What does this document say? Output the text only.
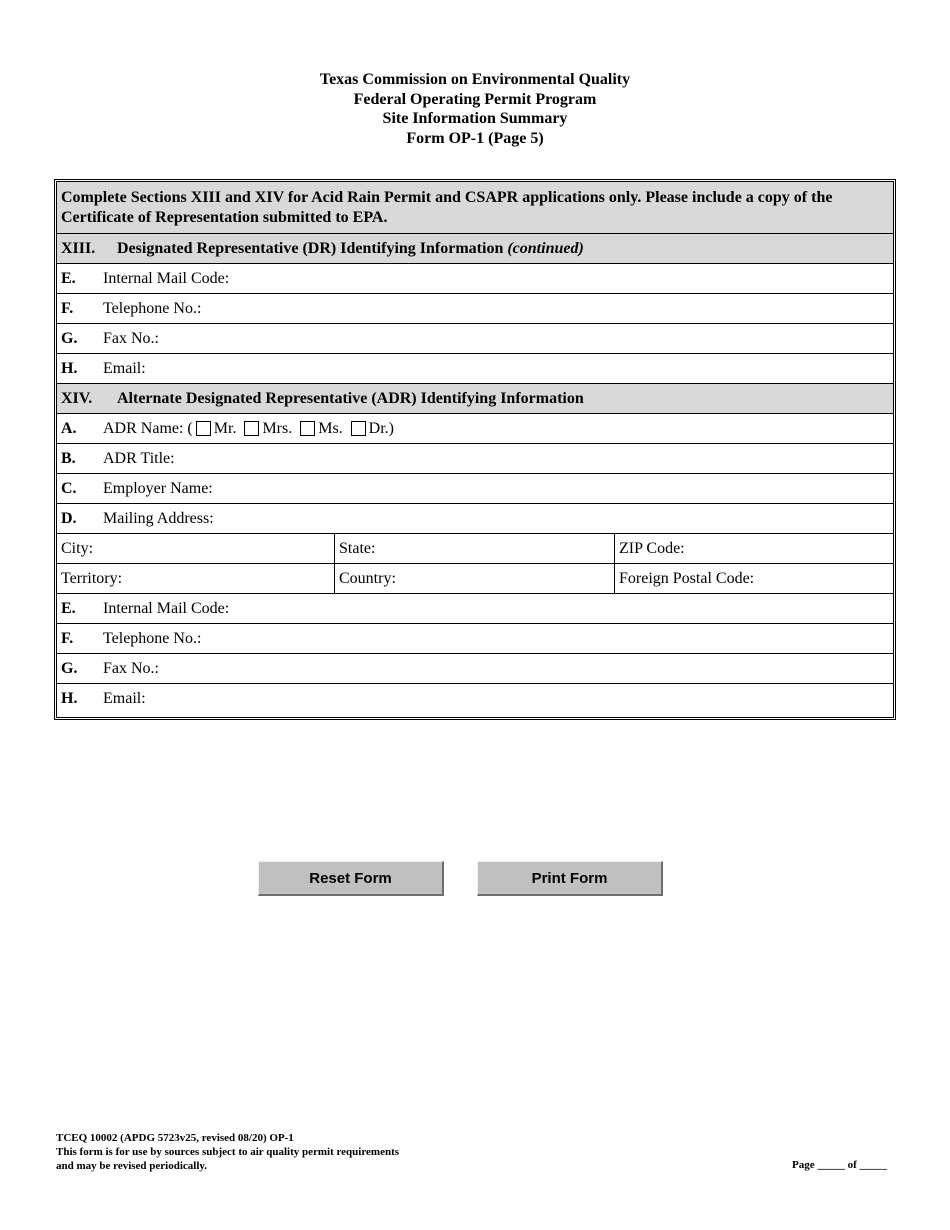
Texas Commission on Environmental Quality
Federal Operating Permit Program
Site Information Summary
Form OP-1 (Page 5)
Complete Sections XIII and XIV for Acid Rain Permit and CSAPR applications only. Please include a copy of the
Certificate of Representation submitted to EPA.
XIII.	Designated Representative (DR) Identifying Information
(continued)
E.	Internal Mail Code:
F.	Telephone No.:
G.	Fax No.:
H.	Email:
XIV.	Alternate Designated Representative (ADR) Identifying Information
A.	ADR Name: ( Mr. Mrs. Ms. Dr.)
B.	ADR Title:
C.	Employer Name:
D.	Mailing Address:
City:	State:	ZIP Code:
Territory:	Country:	Foreign Postal Code:
E.	Internal Mail Code:
F.	Telephone No.:
G.	Fax No.:
H.	Email:
Reset Form	Print Form
TCEQ 10002 (APDG 5723v25, revised 08/20) OP-1
This form is for use by sources subject to air quality permit requirements
and may be revised periodically.	Page _____ of _____
